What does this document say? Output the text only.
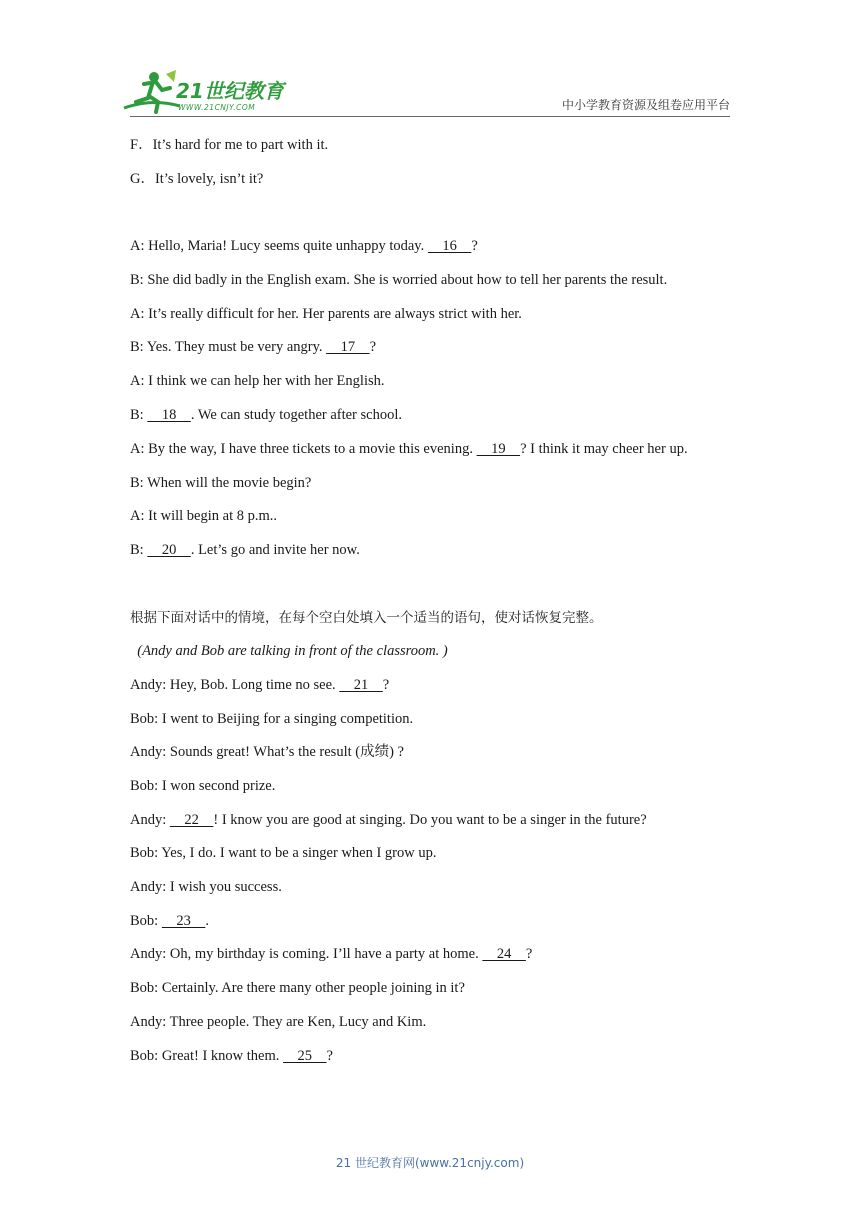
21世纪教育
WWW.21CNJY.COM	中小学教育资源及组卷应用平台
F．It’s hard for me to part with it.
G．It’s lovely, isn’t it?
A: Hello, Maria! Lucy seems quite unhappy today.     16    ?
B: She did badly in the English exam. She is worried about how to tell her parents the result.
A: It’s really difficult for her. Her parents are always strict with her.
B: Yes. They must be very angry.     17    ?
A: I think we can help her with her English.
B:     18    . We can study together after school.
A: By the way, I have three tickets to a movie this evening.     19    ? I think it may cheer her up.
B: When will the movie begin?
A: It will begin at 8 p.m..
B:     20    . Let’s go and invite her now.
根据下面对话中的情境，在每个空白处填入一个适当的语句，使对话恢复完整。
(Andy and Bob are talking in front of the classroom. )
Andy: Hey, Bob. Long time no see.     21    ?
Bob: I went to Beijing for a singing competition.
Andy: Sounds great! What’s the result (成绩) ?
Bob: I won second prize.
Andy:     22    ! I know you are good at singing. Do you want to be a singer in the future?
Bob: Yes, I do. I want to be a singer when I grow up.
Andy: I wish you success.
Bob:     23    .
Andy: Oh, my birthday is coming. I’ll have a party at home.     24    ?
Bob: Certainly. Are there many other people joining in it?
Andy: Three people. They are Ken, Lucy and Kim.
Bob: Great! I know them.     25    ?
21 世纪教育网(www.21cnjy.com)
